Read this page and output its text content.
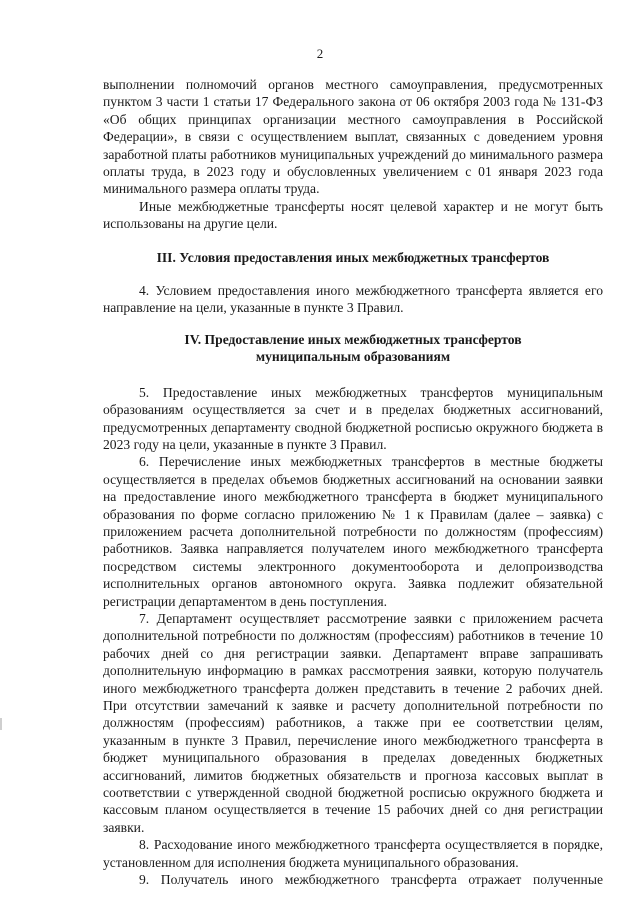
2

выполнении полномочий органов местного самоуправления, предусмотренных пунктом 3 части 1 статьи 17 Федерального закона от 06 октября 2003 года № 131-ФЗ «Об общих принципах организации местного самоуправления в Российской Федерации», в связи с осуществлением выплат, связанных с доведением уровня заработной платы работников муниципальных учреждений до минимального размера оплаты труда, в 2023 году и обусловленных увеличением с 01 января 2023 года минимального размера оплаты труда.

Иные межбюджетные трансферты носят целевой характер и не могут быть использованы на другие цели.

III. Условия предоставления иных межбюджетных трансфертов

4. Условием предоставления иного межбюджетного трансферта является его направление на цели, указанные в пункте 3 Правил.

IV. Предоставление иных межбюджетных трансфертов
муниципальным образованиям

5. Предоставление иных межбюджетных трансфертов муниципальным образованиям осуществляется за счет и в пределах бюджетных ассигнований, предусмотренных департаменту сводной бюджетной росписью окружного бюджета в 2023 году на цели, указанные в пункте 3 Правил.

6. Перечисление иных межбюджетных трансфертов в местные бюджеты осуществляется в пределах объемов бюджетных ассигнований на основании заявки на предоставление иного межбюджетного трансферта в бюджет муниципального образования по форме согласно приложению № 1 к Правилам (далее – заявка) с приложением расчета дополнительной потребности по должностям (профессиям) работников. Заявка направляется получателем иного межбюджетного трансферта посредством системы электронного документооборота и делопроизводства исполнительных органов автономного округа. Заявка подлежит обязательной регистрации департаментом в день поступления.

7. Департамент осуществляет рассмотрение заявки с приложением расчета дополнительной потребности по должностям (профессиям) работников в течение 10 рабочих дней со дня регистрации заявки. Департамент вправе запрашивать дополнительную информацию в рамках рассмотрения заявки, которую получатель иного межбюджетного трансферта должен представить в течение 2 рабочих дней. При отсутствии замечаний к заявке и расчету дополнительной потребности по должностям (профессиям) работников, а также при ее соответствии целям, указанным в пункте 3 Правил, перечисление иного межбюджетного трансферта в бюджет муниципального образования в пределах доведенных бюджетных ассигнований, лимитов бюджетных обязательств и прогноза кассовых выплат в соответствии с утвержденной сводной бюджетной росписью окружного бюджета и кассовым планом осуществляется в течение 15 рабочих дней со дня регистрации заявки.

8. Расходование иного межбюджетного трансферта осуществляется в порядке, установленном для исполнения бюджета муниципального образования.

9. Получатель иного межбюджетного трансферта отражает полученные
